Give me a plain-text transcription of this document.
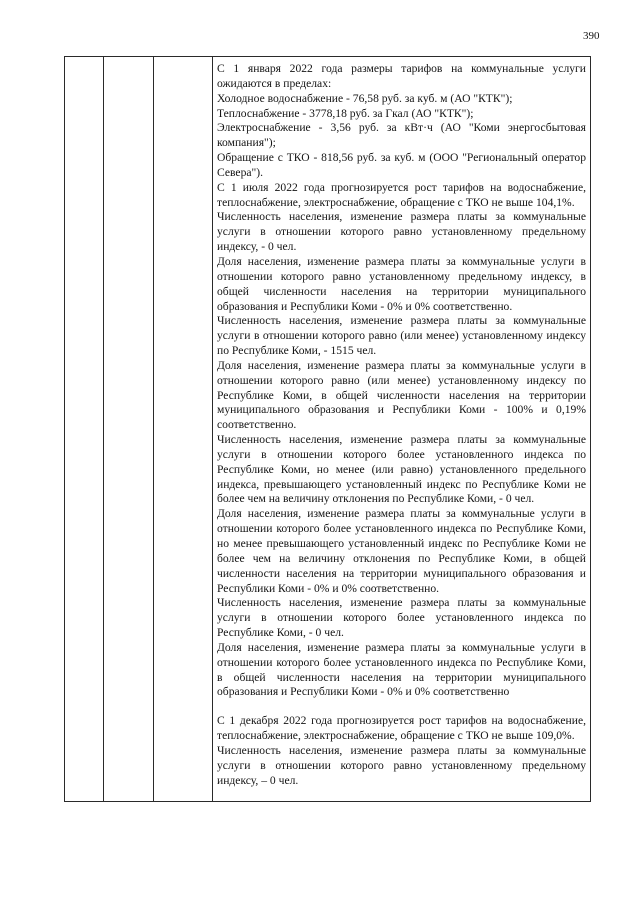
390

С 1 января 2022 года размеры тарифов на коммунальные услуги ожидаются в пределах:

Холодное водоснабжение - 76,58 руб. за куб. м (АО "КТК");

Теплоснабжение - 3778,18 руб. за Гкал (АО "КТК");

Электроснабжение - 3,56 руб. за кВт·ч (АО "Коми энергосбытовая компания");

Обращение с ТКО - 818,56 руб. за куб. м (ООО "Региональный оператор Севера").

С 1 июля 2022 года прогнозируется рост тарифов на водоснабжение, теплоснабжение, электроснабжение, обращение с ТКО не выше 104,1%.

Численность населения, изменение размера платы за коммунальные услуги в отношении которого равно установленному предельному индексу, - 0 чел.

Доля населения, изменение размера платы за коммунальные услуги в отношении которого равно установленному предельному индексу, в общей численности населения на территории муниципального образования и Республики Коми - 0% и 0% соответственно.

Численность населения, изменение размера платы за коммунальные услуги в отношении которого равно (или менее) установленному индексу по Республике Коми, - 1515 чел.

Доля населения, изменение размера платы за коммунальные услуги в отношении которого равно (или менее) установленному индексу по Республике Коми, в общей численности населения на территории муниципального образования и Республики Коми - 100% и 0,19% соответственно.

Численность населения, изменение размера платы за коммунальные услуги в отношении которого более установленного индекса по Республике Коми, но менее (или равно) установленного предельного индекса, превышающего установленный индекс по Республике Коми не более чем на величину отклонения по Республике Коми, - 0 чел.

Доля населения, изменение размера платы за коммунальные услуги в отношении которого более установленного индекса по Республике Коми, но менее превышающего установленный индекс по Республике Коми не более чем на величину отклонения по Республике Коми, в общей численности населения на территории муниципального образования и Республики Коми - 0% и 0% соответственно.

Численность населения, изменение размера платы за коммунальные услуги в отношении которого более установленного индекса по Республике Коми, - 0 чел.

Доля населения, изменение размера платы за коммунальные услуги в отношении которого более установленного индекса по Республике Коми, в общей численности населения на территории муниципального образования и Республики Коми - 0% и 0% соответственно

С 1 декабря 2022 года прогнозируется рост тарифов на водоснабжение, теплоснабжение, электроснабжение, обращение с ТКО не выше 109,0%.

Численность населения, изменение размера платы за коммунальные услуги в отношении которого равно установленному предельному индексу, – 0 чел.
